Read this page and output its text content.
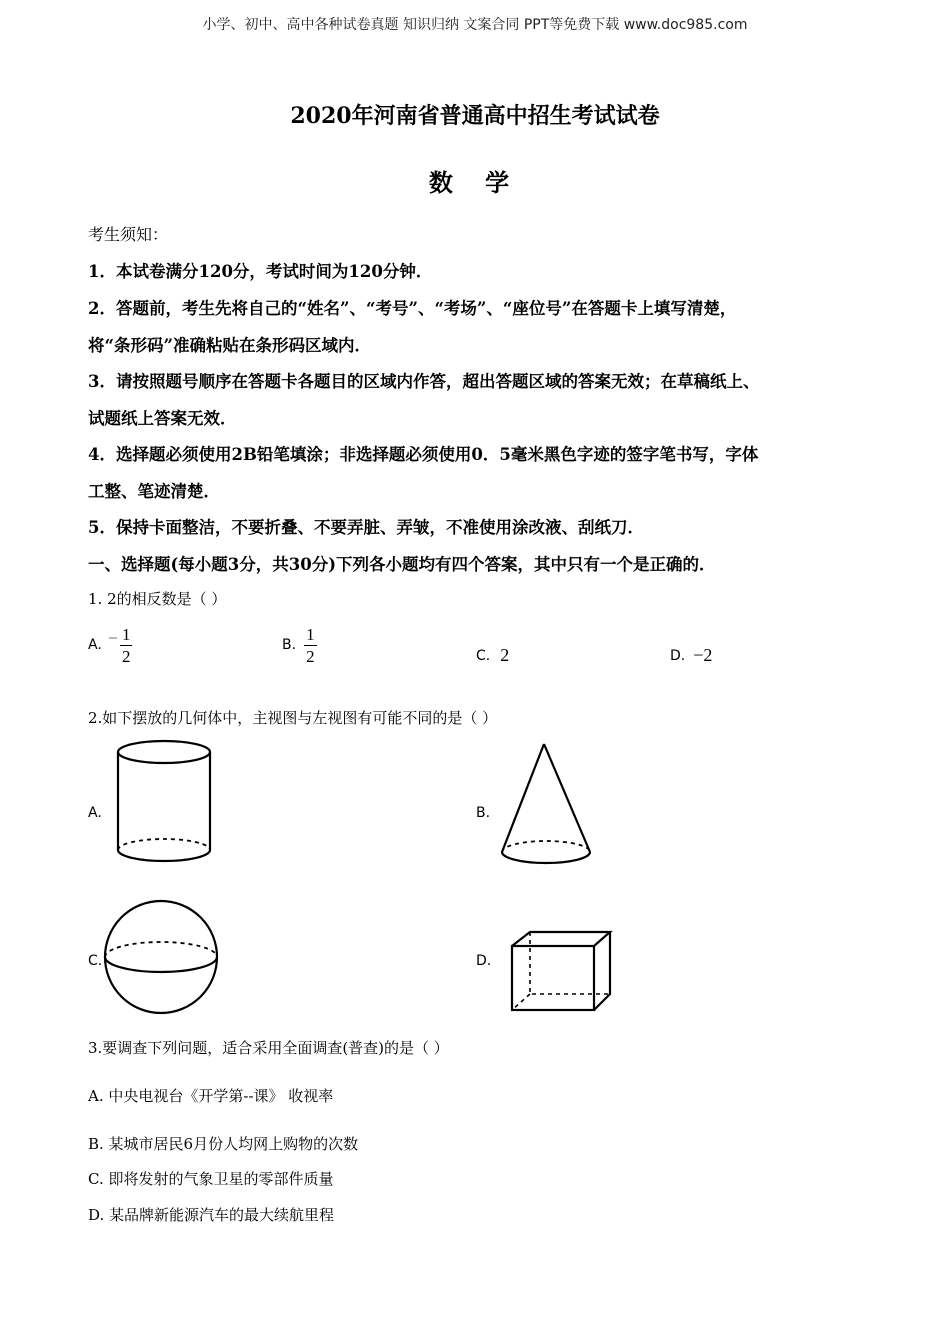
小学、初中、高中各种试卷真题 知识归纳 文案合同 PPT等免费下载 www.doc985.com
2020年河南省普通高中招生考试试卷
数 学
考生须知：
1．本试卷满分120分，考试时间为120分钟．
2．答题前，考生先将自己的“姓名”、“考号”、“考场”、“座位号”在答题卡上填写清楚，
将“条形码”准确粘贴在条形码区域内．
3．请按照题号顺序在答题卡各题目的区域内作答，超出答题区域的答案无效；在草稿纸上、
试题纸上答案无效．
4．选择题必须使用2B铅笔填涂；非选择题必须使用0．5毫米黑色字迹的签字笔书写，字体
工整、笔迹清楚．
5．保持卡面整洁，不要折叠、不要弄脏、弄皱，不准使用涂改液、刮纸刀．
一、选择题(每小题3分，共30分)下列各小题均有四个答案，其中只有一个是正确的．
1. 2的相反数是（ ）
A. − $\frac{1}{2}$	B. $\frac{1}{2}$	C. 2	D. −2
2.如下摆放的几何体中，主视图与左视图有可能不同的是（ ）
A.	B.
C.	D.
3.要调查下列问题，适合采用全面调查(普查)的是（ ）
A. 中央电视台《开学第--课》 收视率
B. 某城市居民6月份人均网上购物的次数
C. 即将发射的气象卫星的零部件质量
D. 某品牌新能源汽车的最大续航里程
